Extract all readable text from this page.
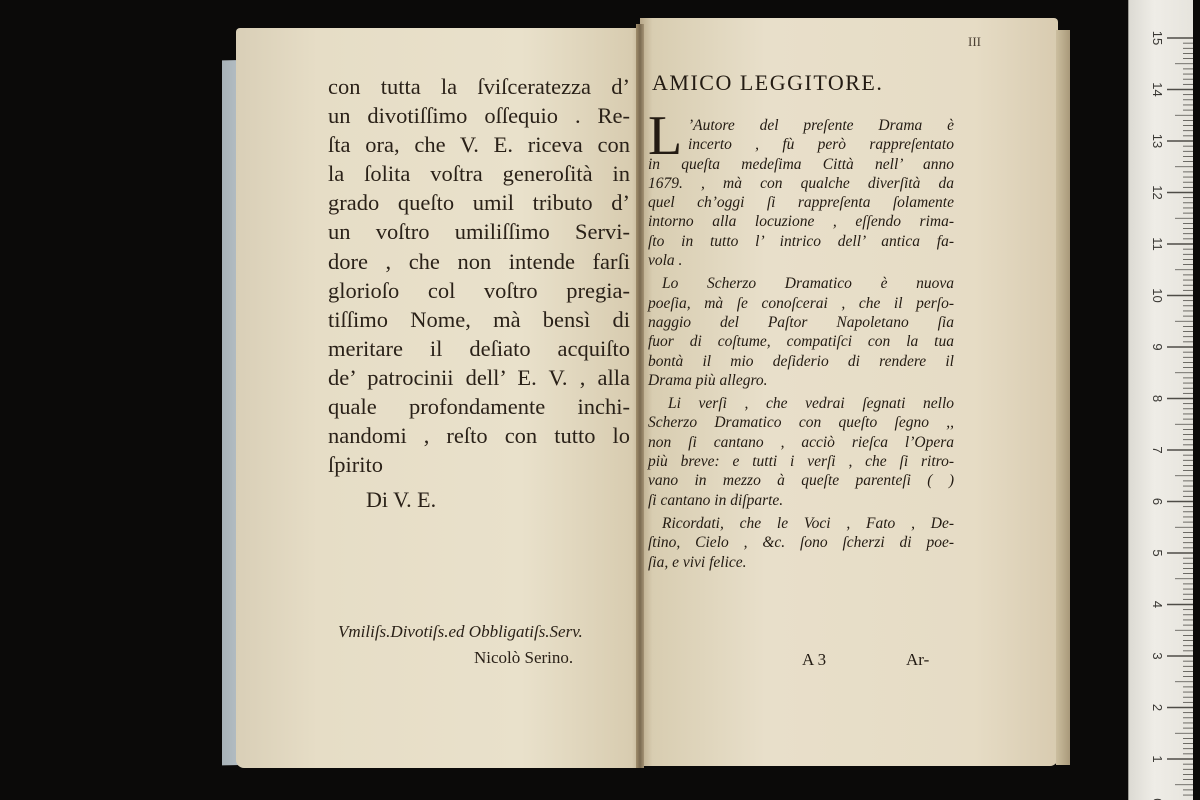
con tutta la ſviſceratezza d’
un divotiſſimo oſſequio . Re-
ſta ora, che V. E. riceva con
la ſolita voſtra generoſità in
grado queſto umil tributo d’
un voſtro umiliſſimo Servi-
dore , che non intende farſi
glorioſo col voſtro pregia-
tiſſimo Nome, mà bensì di
meritare il deſiato acquiſto
de’ patrocinii dell’ E. V. , alla
quale profondamente inchi-
nandomi , reſto con tutto lo
ſpirito
Di V. E.
Vmiliſs.Divotiſs.ed Obbligatiſs.Serv.
Nicolò Serino.
III
AMICO LEGGITORE.
L ’Autore del preſente Drama è
incerto , fù però rappreſentato
in queſta medeſima Città nell’ anno
1679. , mà con qualche diverſità da
quel ch’oggi ſi rappreſenta ſolamente
intorno alla locuzione , eſſendo rima-
ſto in tutto l’ intrico dell’ antica fa-
vola .
Lo Scherzo Dramatico è nuova
poeſia, mà ſe conoſcerai , che il perſo-
naggio del Paſtor Napoletano ſia
fuor di coſtume, compatiſci con la tua
bontà il mio deſiderio di rendere il
Drama più allegro.
Li verſi , che vedrai ſegnati nello
Scherzo Dramatico con queſto ſegno ,,
non ſi cantano , acciò rieſca l’Opera
più breve: e tutti i verſi , che ſi ritro-
vano in mezzo à queſte parenteſi ( )
ſi cantano in diſparte.
Ricordati, che le Voci , Fato , De-
ſtino, Cielo , &c. ſono ſcherzi di poe-
ſia, e vivi felice.
A 3	Ar-
15
14
13
12
11
10
9
8
7
6
5
4
3
2
1
